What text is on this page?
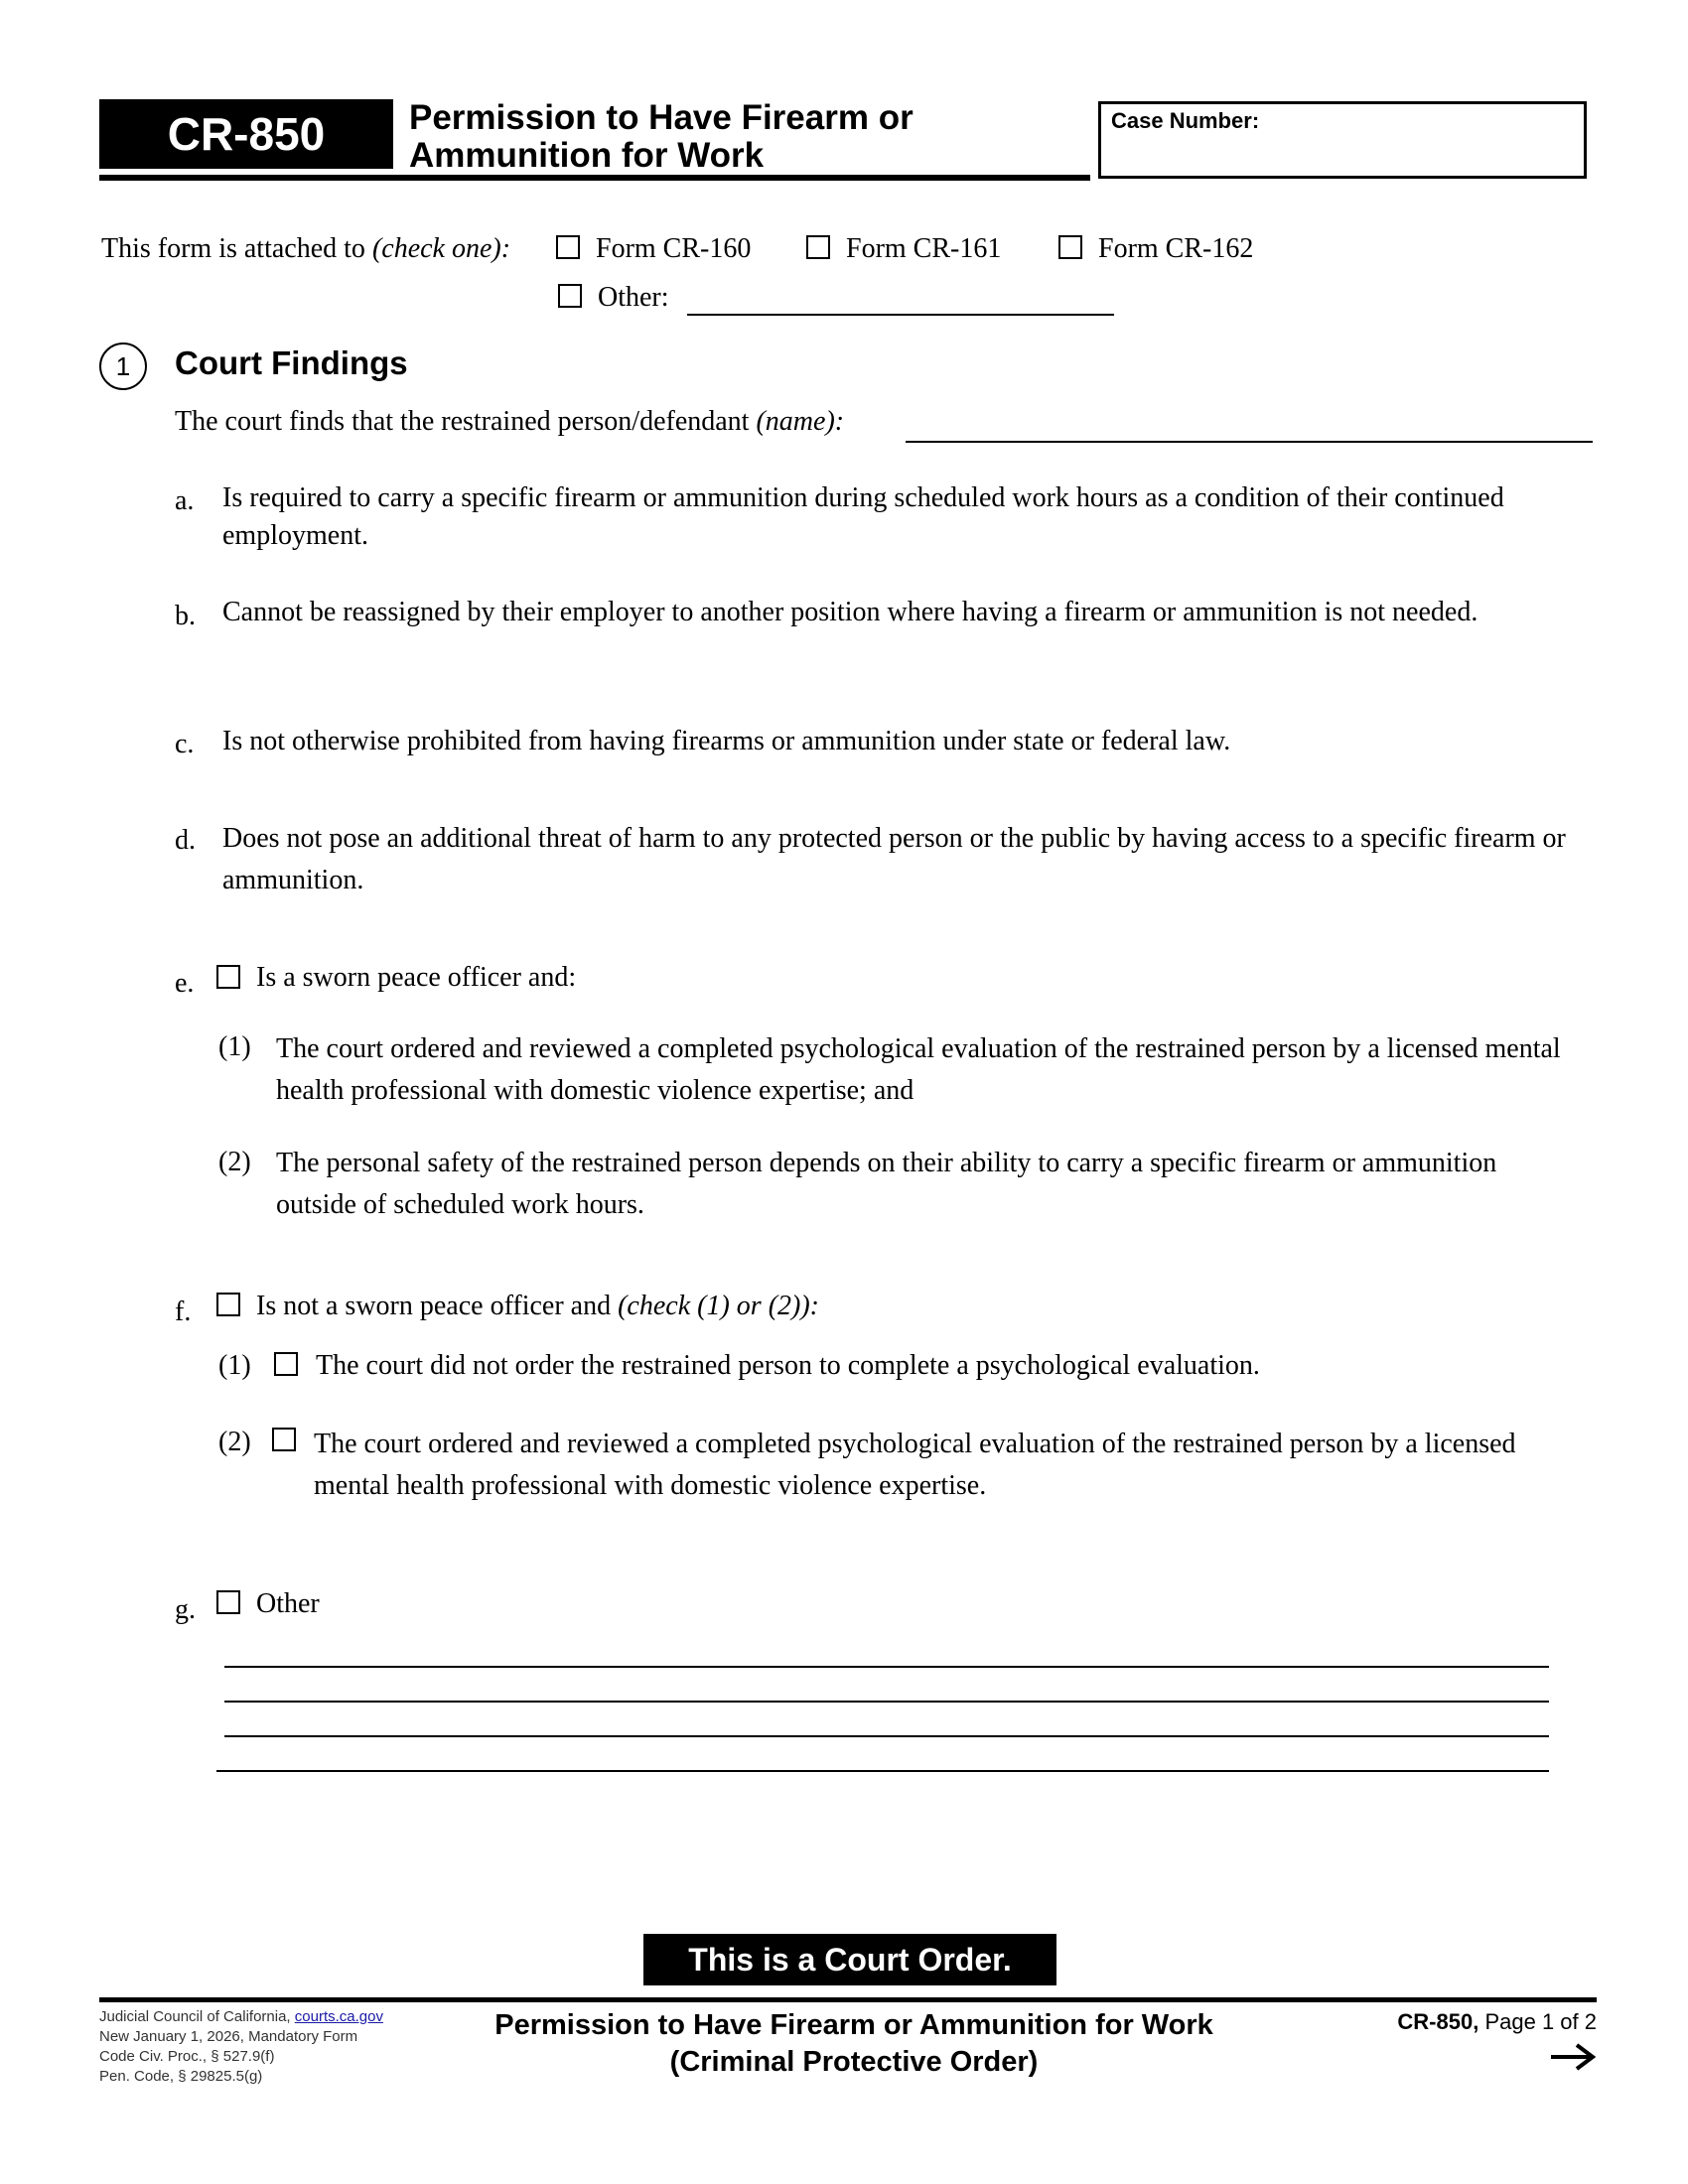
CR-850	Permission to Have Firearm or
Ammunition for Work
Case Number:
This form is attached to (check one):	Form CR-160	Form CR-161	Form CR-162
Other:
1	Court Findings
The court finds that the restrained person/defendant (name):
a. Is required to carry a specific firearm or ammunition during scheduled work hours as a condition of their continued employment.
b. Cannot be reassigned by their employer to another position where having a firearm or ammunition is not needed.
c. Is not otherwise prohibited from having firearms or ammunition under state or federal law.
d. Does not pose an additional threat of harm to any protected person or the public by having access to a specific firearm or ammunition.
e. Is a sworn peace officer and:
(1) The court ordered and reviewed a completed psychological evaluation of the restrained person by a licensed mental health professional with domestic violence expertise; and
(2) The personal safety of the restrained person depends on their ability to carry a specific firearm or ammunition outside of scheduled work hours.
f. Is not a sworn peace officer and (check (1) or (2)):
(1) The court did not order the restrained person to complete a psychological evaluation.
(2) The court ordered and reviewed a completed psychological evaluation of the restrained person by a licensed mental health professional with domestic violence expertise.
g. Other
This is a Court Order.
Judicial Council of California, courts.ca.gov
New January 1, 2026, Mandatory Form
Code Civ. Proc., § 527.9(f)
Pen. Code, § 29825.5(g)
Permission to Have Firearm or Ammunition for Work
(Criminal Protective Order)
CR-850, Page 1 of 2
